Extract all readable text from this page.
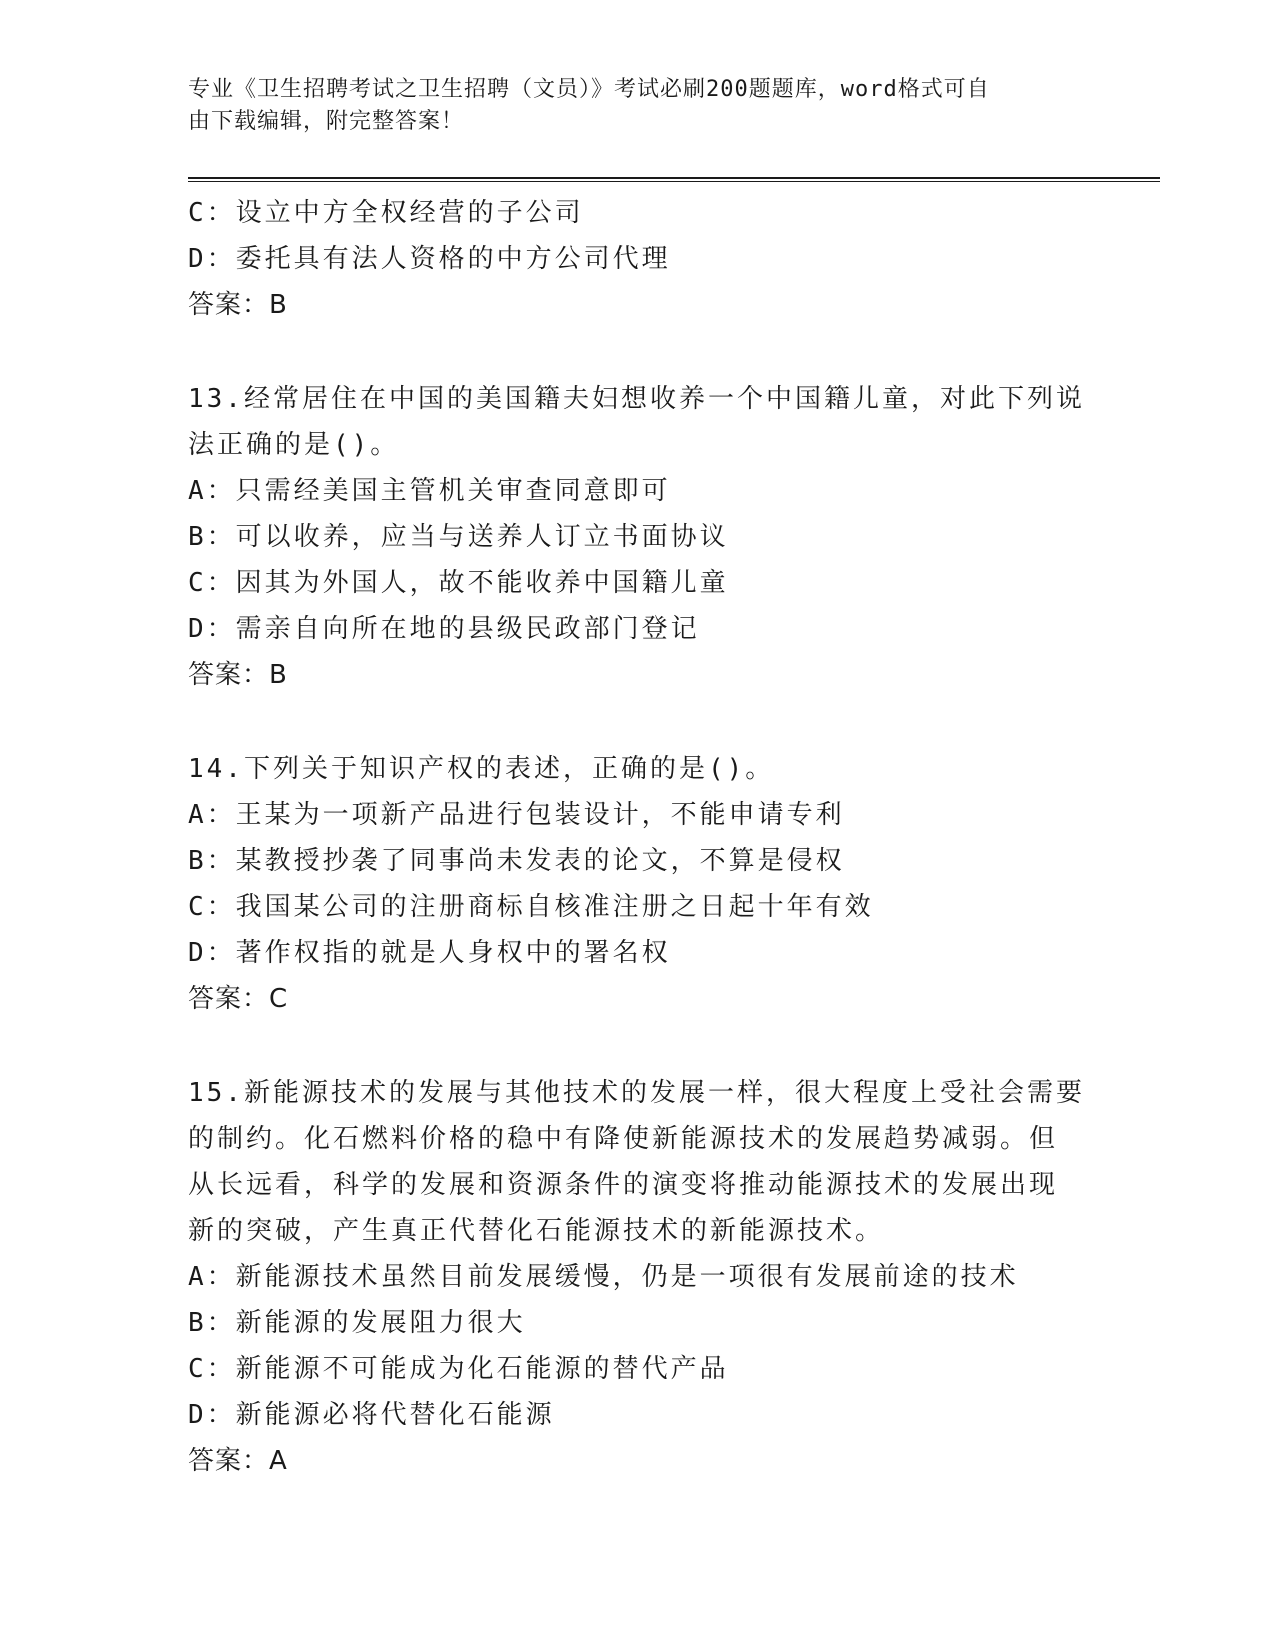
专业《卫生招聘考试之卫生招聘（文员）》考试必刷200题题库，word格式可自
由下载编辑，附完整答案！
C：设立中方全权经营的子公司
D：委托具有法人资格的中方公司代理
答案：B
13.经常居住在中国的美国籍夫妇想收养一个中国籍儿童，对此下列说
法正确的是()。
A：只需经美国主管机关审查同意即可
B：可以收养，应当与送养人订立书面协议
C：因其为外国人，故不能收养中国籍儿童
D：需亲自向所在地的县级民政部门登记
答案：B
14.下列关于知识产权的表述，正确的是()。
A：王某为一项新产品进行包装设计，不能申请专利
B：某教授抄袭了同事尚未发表的论文，不算是侵权
C：我国某公司的注册商标自核准注册之日起十年有效
D：著作权指的就是人身权中的署名权
答案：C
15.新能源技术的发展与其他技术的发展一样，很大程度上受社会需要
的制约。化石燃料价格的稳中有降使新能源技术的发展趋势减弱。但
从长远看，科学的发展和资源条件的演变将推动能源技术的发展出现
新的突破，产生真正代替化石能源技术的新能源技术。
A：新能源技术虽然目前发展缓慢，仍是一项很有发展前途的技术
B：新能源的发展阻力很大
C：新能源不可能成为化石能源的替代产品
D：新能源必将代替化石能源
答案：A
